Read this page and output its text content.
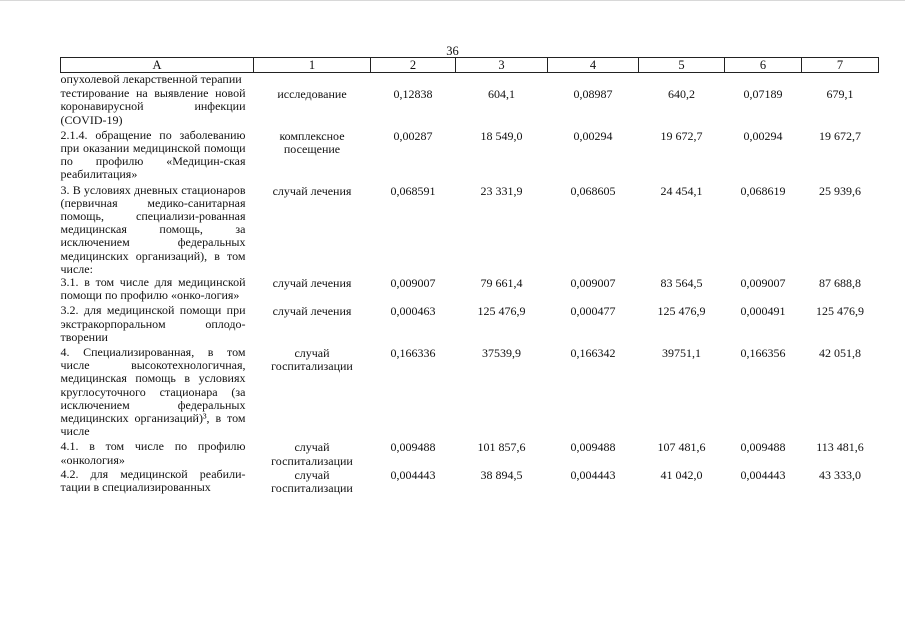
36
А	1	2	3	4	5	6	7
опухолевой лекарственной терапии							
тестирование на выявление новой коронавирусной инфекции (COVID-19)	исследование	0,12838	604,1	0,08987	640,2	0,07189	679,1
2.1.4. обращение по заболеванию при оказании медицинской помощи по профилю «Медицин-ская реабилитация»	комплексное посещение	0,00287	18 549,0	0,00294	19 672,7	0,00294	19 672,7
3. В условиях дневных стационаров (первичная медико-санитарная помощь, специализи-рованная медицинская помощь, за исключением федеральных медицинских организаций), в том числе:	случай лечения	0,068591	23 331,9	0,068605	24 454,1	0,068619	25 939,6
3.1. в том числе для медицинской помощи по профилю «онко-логия»	случай лечения	0,009007	79 661,4	0,009007	83 564,5	0,009007	87 688,8
3.2. для медицинской помощи при экстракорпоральном оплодо-творении	случай лечения	0,000463	125 476,9	0,000477	125 476,9	0,000491	125 476,9
4. Специализированная, в том числе высокотехнологичная, медицинская помощь в условиях круглосуточного стационара (за исключением федеральных медицинских организаций)³, в том числе	случай госпитализации	0,166336	37539,9	0,166342	39751,1	0,166356	42 051,8
4.1. в том числе по профилю «онкология»	случай госпитализации	0,009488	101 857,6	0,009488	107 481,6	0,009488	113 481,6
4.2. для медицинской реабили-тации в специализированных	случай госпитализации	0,004443	38 894,5	0,004443	41 042,0	0,004443	43 333,0
